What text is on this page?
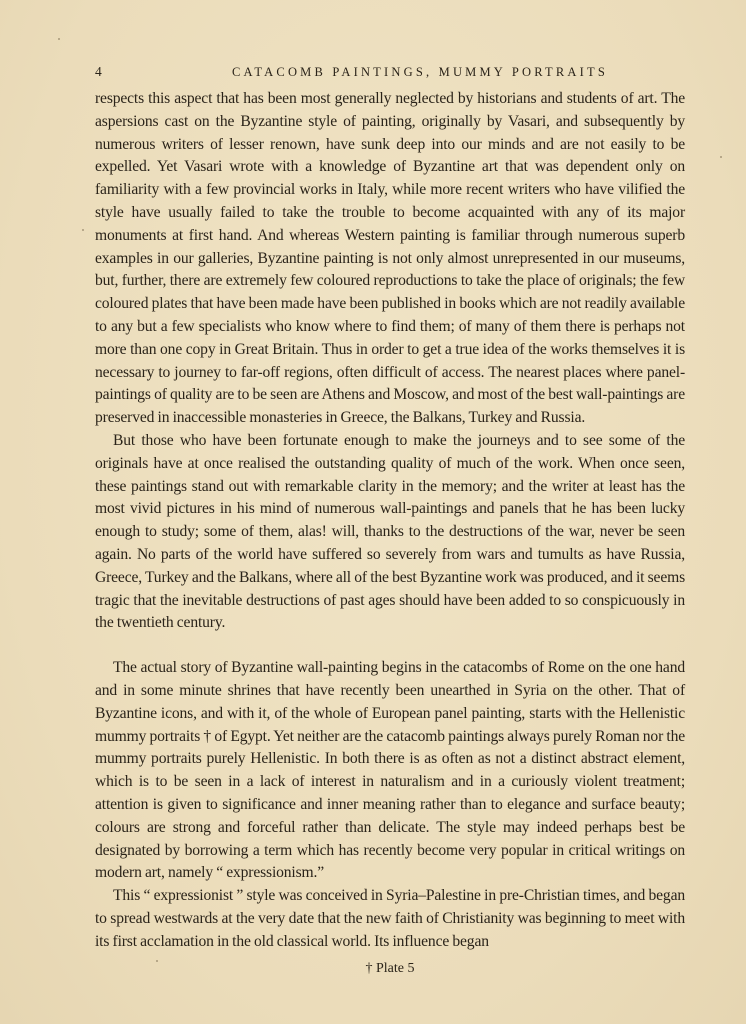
4	CATACOMB PAINTINGS, MUMMY PORTRAITS

respects this aspect that has been most generally neglected by historians and students of art. The aspersions cast on the Byzantine style of painting, originally by Vasari, and subsequently by numerous writers of lesser renown, have sunk deep into our minds and are not easily to be expelled. Yet Vasari wrote with a knowledge of Byzantine art that was dependent only on familiarity with a few provincial works in Italy, while more recent writers who have vilified the style have usually failed to take the trouble to become acquainted with any of its major monuments at first hand. And whereas Western painting is familiar through numerous superb examples in our galleries, Byzantine painting is not only almost unrepresented in our museums, but, further, there are extremely few coloured reproductions to take the place of originals; the few coloured plates that have been made have been published in books which are not readily available to any but a few specialists who know where to find them; of many of them there is perhaps not more than one copy in Great Britain. Thus in order to get a true idea of the works themselves it is necessary to journey to far-off regions, often difficult of access. The nearest places where panel-paintings of quality are to be seen are Athens and Moscow, and most of the best wall-paintings are preserved in inaccessible monasteries in Greece, the Balkans, Turkey and Russia.

But those who have been fortunate enough to make the journeys and to see some of the originals have at once realised the outstanding quality of much of the work. When once seen, these paintings stand out with remarkable clarity in the memory; and the writer at least has the most vivid pictures in his mind of numerous wall-paintings and panels that he has been lucky enough to study; some of them, alas! will, thanks to the destructions of the war, never be seen again. No parts of the world have suffered so severely from wars and tumults as have Russia, Greece, Turkey and the Balkans, where all of the best Byzantine work was produced, and it seems tragic that the inevitable destructions of past ages should have been added to so conspicuously in the twentieth century.

The actual story of Byzantine wall-painting begins in the catacombs of Rome on the one hand and in some minute shrines that have recently been unearthed in Syria on the other. That of Byzantine icons, and with it, of the whole of European panel painting, starts with the Hellenistic mummy portraits † of Egypt. Yet neither are the catacomb paintings always purely Roman nor the mummy portraits purely Hellenistic. In both there is as often as not a distinct abstract element, which is to be seen in a lack of interest in naturalism and in a curiously violent treatment; attention is given to significance and inner meaning rather than to elegance and surface beauty; colours are strong and forceful rather than delicate. The style may indeed perhaps best be designated by borrowing a term which has recently become very popular in critical writings on modern art, namely “ expressionism.”

This “ expressionist ” style was conceived in Syria–Palestine in pre-Christian times, and began to spread westwards at the very date that the new faith of Christianity was beginning to meet with its first acclamation in the old classical world. Its influence began

† Plate 5
